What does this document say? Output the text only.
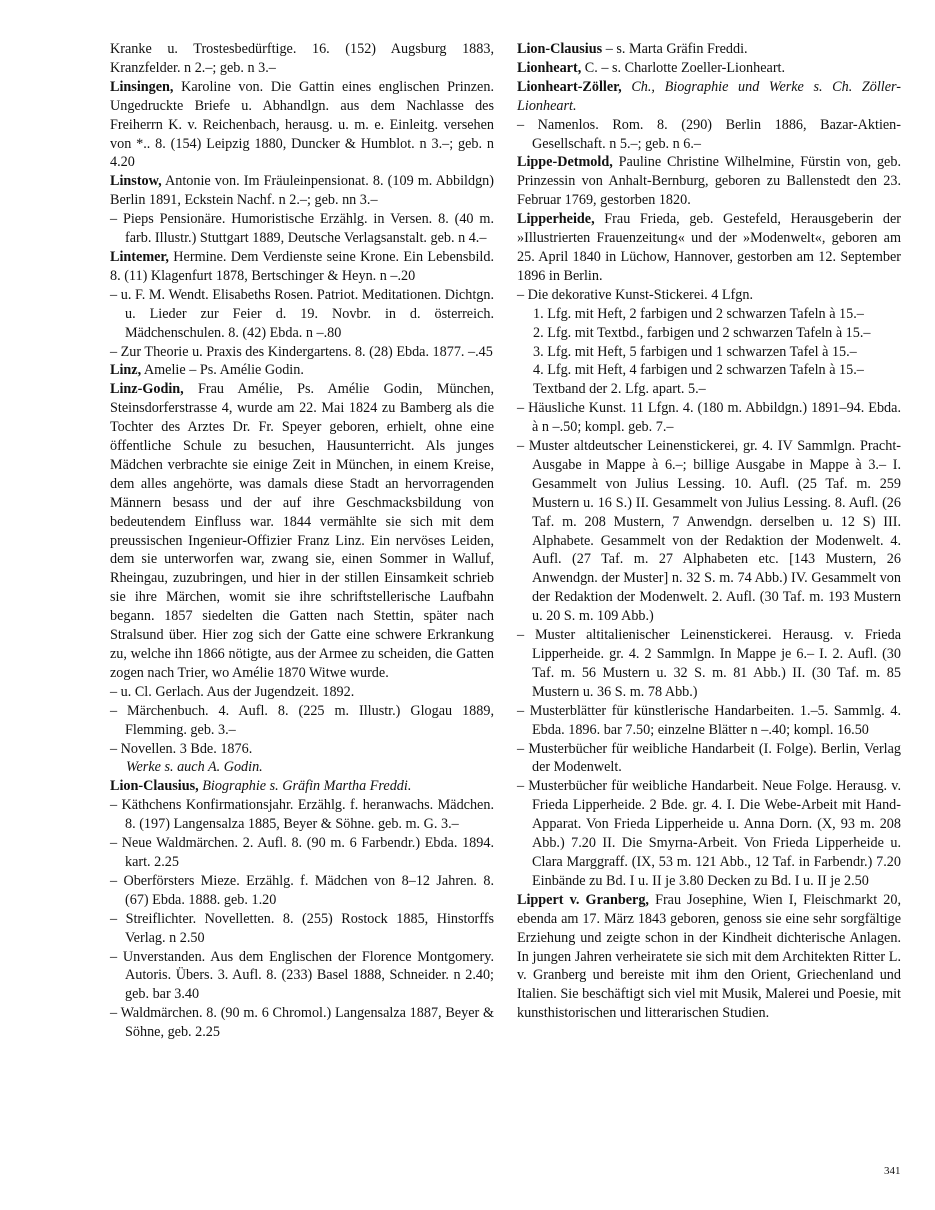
Kranke u. Trostesbedürftige. 16. (152) Augsburg 1883, Kranzfelder. n 2.–; geb. n 3.–

Linsingen, Karoline von. Die Gattin eines englischen Prinzen. Ungedruckte Briefe u. Abhandlgn. aus dem Nachlasse des Freiherrn K. v. Reichenbach, herausg. u. m. e. Einleitg. versehen von *.. 8. (154) Leipzig 1880, Duncker & Humblot. n 3.–; geb. n 4.20

Linstow, Antonie von. Im Fräuleinpensionat. 8. (109 m. Abbildgn) Berlin 1891, Eckstein Nachf. n 2.–; geb. nn 3.–

– Pieps Pensionäre. Humoristische Erzählg. in Versen. 8. (40 m. farb. Illustr.) Stuttgart 1889, Deutsche Verlagsanstalt. geb. n 4.–

Lintemer, Hermine. Dem Verdienste seine Krone. Ein Lebensbild. 8. (11) Klagenfurt 1878, Bertschinger & Heyn. n –.20

– u. F. M. Wendt. Elisabeths Rosen. Patriot. Meditationen. Dichtgn. u. Lieder zur Feier d. 19. Novbr. in d. österreich. Mädchenschulen. 8. (42) Ebda. n –.80

– Zur Theorie u. Praxis des Kindergartens. 8. (28) Ebda. 1877. –.45

Linz, Amelie – Ps. Amélie Godin.

Linz-Godin, Frau Amélie, Ps. Amélie Godin, München, Steinsdorferstrasse 4, wurde am 22. Mai 1824 zu Bamberg als die Tochter des Arztes Dr. Fr. Speyer geboren, erhielt, ohne eine öffentliche Schule zu besuchen, Hausunterricht. Als junges Mädchen verbrachte sie einige Zeit in München, in einem Kreise, dem alles angehörte, was damals diese Stadt an hervorragenden Männern besass und der auf ihre Geschmacksbildung von bedeutendem Einfluss war. 1844 vermählte sie sich mit dem preussischen Ingenieur-Offizier Franz Linz. Ein nervöses Leiden, dem sie unterworfen war, zwang sie, einen Sommer in Walluf, Rheingau, zuzubringen, und hier in der stillen Einsamkeit schrieb sie ihre Märchen, womit sie ihre schriftstellerische Laufbahn begann. 1857 siedelten die Gatten nach Stettin, später nach Stralsund über. Hier zog sich der Gatte eine schwere Erkrankung zu, welche ihn 1866 nötigte, aus der Armee zu scheiden, die Gatten zogen nach Trier, wo Amélie 1870 Witwe wurde.

– u. Cl. Gerlach. Aus der Jugendzeit. 1892.

– Märchenbuch. 4. Aufl. 8. (225 m. Illustr.) Glogau 1889, Flemming. geb. 3.–

– Novellen. 3 Bde. 1876.

Werke s. auch A. Godin.

Lion-Clausius, Biographie s. Gräfin Martha Freddi.

– Käthchens Konfirmationsjahr. Erzählg. f. heranwachs. Mädchen. 8. (197) Langensalza 1885, Beyer & Söhne. geb. m. G. 3.–

– Neue Waldmärchen. 2. Aufl. 8. (90 m. 6 Farbendr.) Ebda. 1894. kart. 2.25

– Oberförsters Mieze. Erzählg. f. Mädchen von 8–12 Jahren. 8. (67) Ebda. 1888. geb. 1.20

– Streiflichter. Novelletten. 8. (255) Rostock 1885, Hinstorffs Verlag. n 2.50

– Unverstanden. Aus dem Englischen der Florence Montgomery. Autoris. Übers. 3. Aufl. 8. (233) Basel 1888, Schneider. n 2.40; geb. bar 3.40

– Waldmärchen. 8. (90 m. 6 Chromol.) Langensalza 1887, Beyer & Söhne, geb. 2.25

Lion-Clausius – s. Marta Gräfin Freddi.

Lionheart, C. – s. Charlotte Zoeller-Lionheart.

Lionheart-Zöller, Ch., Biographie und Werke s. Ch. Zöller-Lionheart.

– Namenlos. Rom. 8. (290) Berlin 1886, Bazar-Aktien-Gesellschaft. n 5.–; geb. n 6.–

Lippe-Detmold, Pauline Christine Wilhelmine, Fürstin von, geb. Prinzessin von Anhalt-Bernburg, geboren zu Ballenstedt den 23. Februar 1769, gestorben 1820.

Lipperheide, Frau Frieda, geb. Gestefeld, Herausgeberin der »Illustrierten Frauenzeitung« und der »Modenwelt«, geboren am 25. April 1840 in Lüchow, Hannover, gestorben am 12. September 1896 in Berlin.

– Die dekorative Kunst-Stickerei. 4 Lfgn.

1. Lfg. mit Heft, 2 farbigen und 2 schwarzen Tafeln à 15.–

2. Lfg. mit Textbd., farbigen und 2 schwarzen Tafeln à 15.–

3. Lfg. mit Heft, 5 farbigen und 1 schwarzen Tafel à 15.–

4. Lfg. mit Heft, 4 farbigen und 2 schwarzen Tafeln à 15.–

Textband der 2. Lfg. apart. 5.–

– Häusliche Kunst. 11 Lfgn. 4. (180 m. Abbildgn.) 1891–94. Ebda. à n –.50; kompl. geb. 7.–

– Muster altdeutscher Leinenstickerei, gr. 4. IV Sammlgn. Pracht-Ausgabe in Mappe à 6.–; billige Ausgabe in Mappe à 3.– I. Gesammelt von Julius Lessing. 10. Aufl. (25 Taf. m. 259 Mustern u. 16 S.) II. Gesammelt von Julius Lessing. 8. Aufl. (26 Taf. m. 208 Mustern, 7 Anwendgn. derselben u. 12 S) III. Alphabete. Gesammelt von der Redaktion der Modenwelt. 4. Aufl. (27 Taf. m. 27 Alphabeten etc. [143 Mustern, 26 Anwendgn. der Muster] n. 32 S. m. 74 Abb.) IV. Gesammelt von der Redaktion der Modenwelt. 2. Aufl. (30 Taf. m. 193 Mustern u. 20 S. m. 109 Abb.)

– Muster altitalienischer Leinenstickerei. Herausg. v. Frieda Lipperheide. gr. 4. 2 Sammlgn. In Mappe je 6.– I. 2. Aufl. (30 Taf. m. 56 Mustern u. 32 S. m. 81 Abb.) II. (30 Taf. m. 85 Mustern u. 36 S. m. 78 Abb.)

– Musterblätter für künstlerische Handarbeiten. 1.–5. Sammlg. 4. Ebda. 1896. bar 7.50; einzelne Blätter n –.40; kompl. 16.50

– Musterbücher für weibliche Handarbeit (I. Folge). Berlin, Verlag der Modenwelt.

– Musterbücher für weibliche Handarbeit. Neue Folge. Herausg. v. Frieda Lipperheide. 2 Bde. gr. 4. I. Die Webe-Arbeit mit Hand-Apparat. Von Frieda Lipperheide u. Anna Dorn. (X, 93 m. 208 Abb.) 7.20 II. Die Smyrna-Arbeit. Von Frieda Lipperheide u. Clara Marggraff. (IX, 53 m. 121 Abb., 12 Taf. in Farbendr.) 7.20 Einbände zu Bd. I u. II je 3.80 Decken zu Bd. I u. II je 2.50

Lippert v. Granberg, Frau Josephine, Wien I, Fleischmarkt 20, ebenda am 17. März 1843 geboren, genoss sie eine sehr sorgfältige Erziehung und zeigte schon in der Kindheit dichterische Anlagen. In jungen Jahren verheiratete sie sich mit dem Architekten Ritter L. v. Granberg und bereiste mit ihm den Orient, Griechenland und Italien. Sie beschäftigt sich viel mit Musik, Malerei und Poesie, mit kunsthistorischen und litterarischen Studien.

341
